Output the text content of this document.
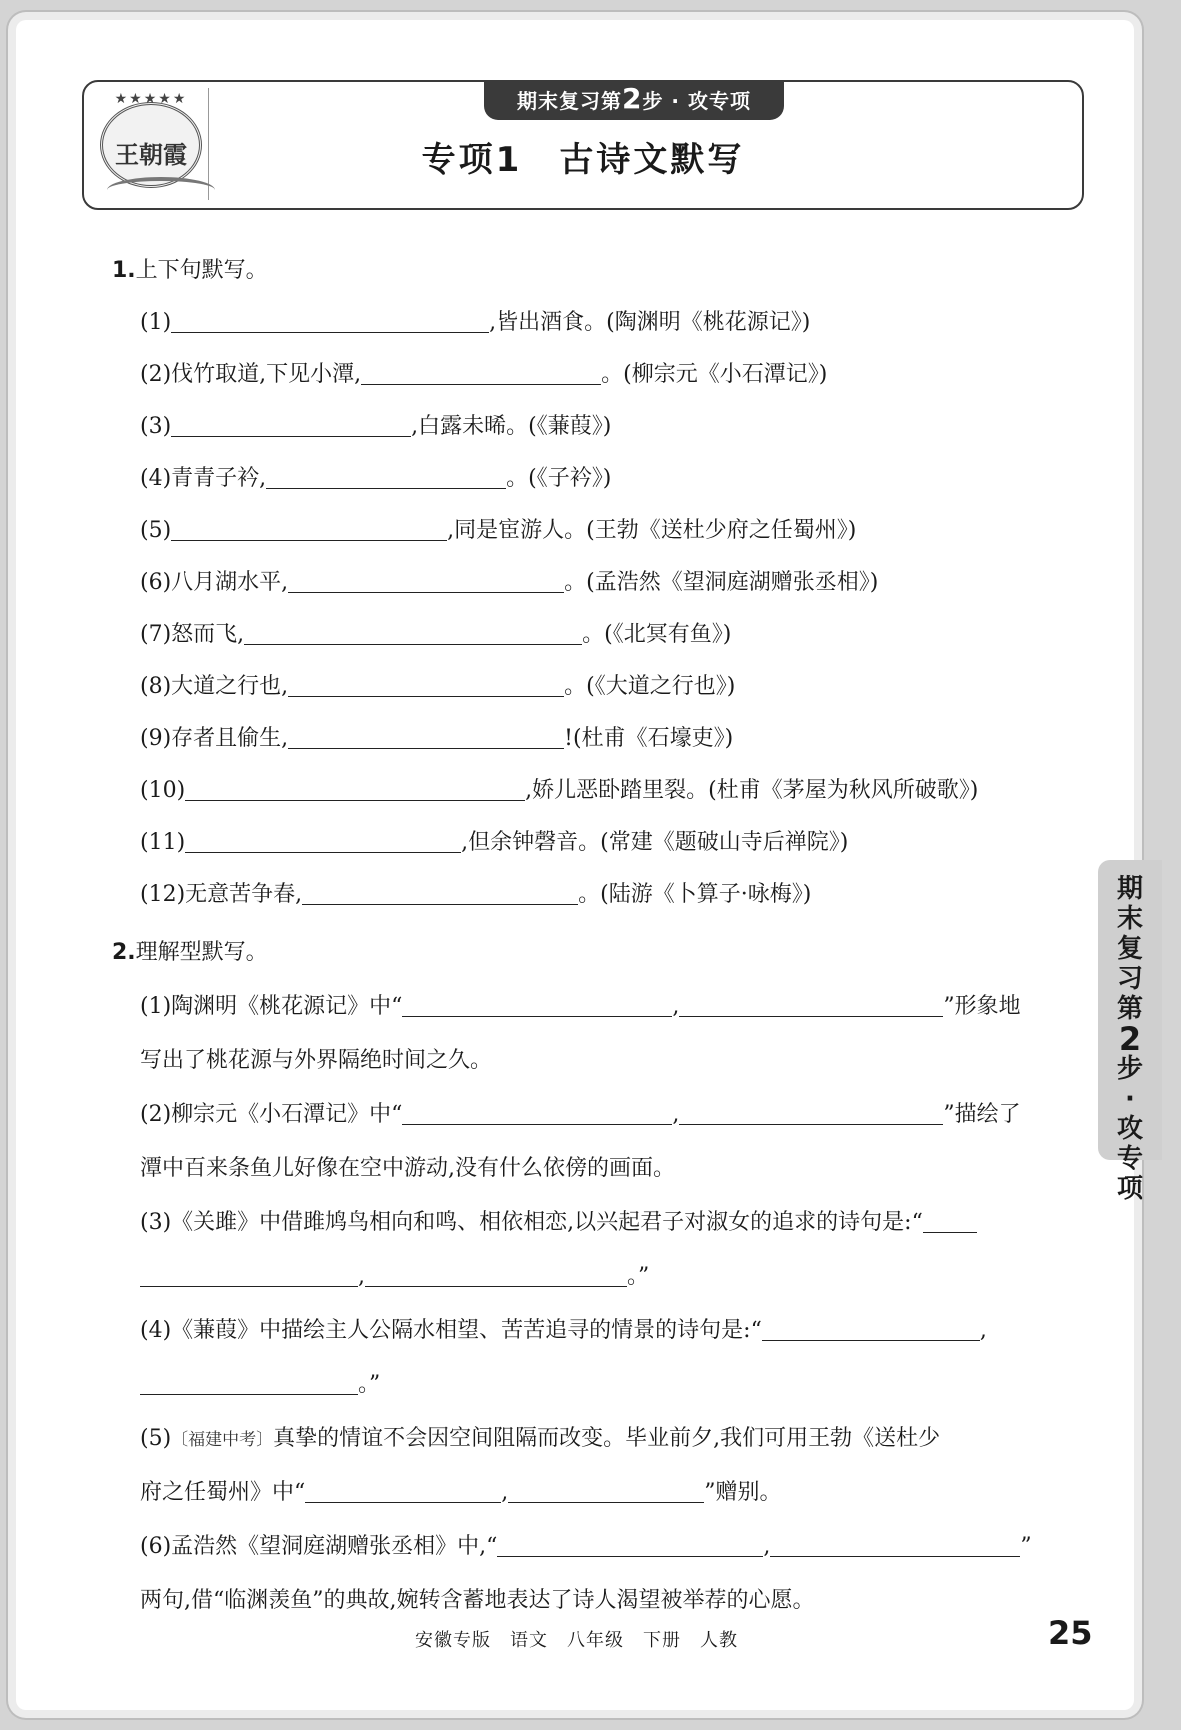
★★★★★
王朝霞
期末复习第2步 · 攻专项
专项1　古诗文默写
期
末
复
习
第
2
步
·
攻
专
项
1.上下句默写。
(1)	,皆出酒食。(陶渊明《桃花源记》)
(2)伐竹取道,下见小潭,	。(柳宗元《小石潭记》)
(3)	,白露未晞。(《蒹葭》)
(4)青青子衿,	。(《子衿》)
(5)	,同是宦游人。(王勃《送杜少府之任蜀州》)
(6)八月湖水平,	。(孟浩然《望洞庭湖赠张丞相》)
(7)怒而飞,	。(《北冥有鱼》)
(8)大道之行也,	。(《大道之行也》)
(9)存者且偷生,	!(杜甫《石壕吏》)
(10)	,娇儿恶卧踏里裂。(杜甫《茅屋为秋风所破歌》)
(11)	,但余钟磬音。(常建《题破山寺后禅院》)
(12)无意苦争春,	。(陆游《卜算子·咏梅》)
2.理解型默写。
(1)陶渊明《桃花源记》中“	,	”形象地
写出了桃花源与外界隔绝时间之久。
(2)柳宗元《小石潭记》中“	,	”描绘了
潭中百来条鱼儿好像在空中游动,没有什么依傍的画面。
(3)《关雎》中借雎鸠鸟相向和鸣、相依相恋,以兴起君子对淑女的追求的诗句是:“
,	。”
(4)《蒹葭》中描绘主人公隔水相望、苦苦追寻的情景的诗句是:“	,
。”
(5)〔福建中考〕真挚的情谊不会因空间阻隔而改变。毕业前夕,我们可用王勃《送杜少
府之任蜀州》中“	,	”赠别。
(6)孟浩然《望洞庭湖赠张丞相》中,“	,	”
两句,借“临渊羡鱼”的典故,婉转含蓄地表达了诗人渴望被举荐的心愿。
安徽专版　语文　八年级　下册　人教	25
